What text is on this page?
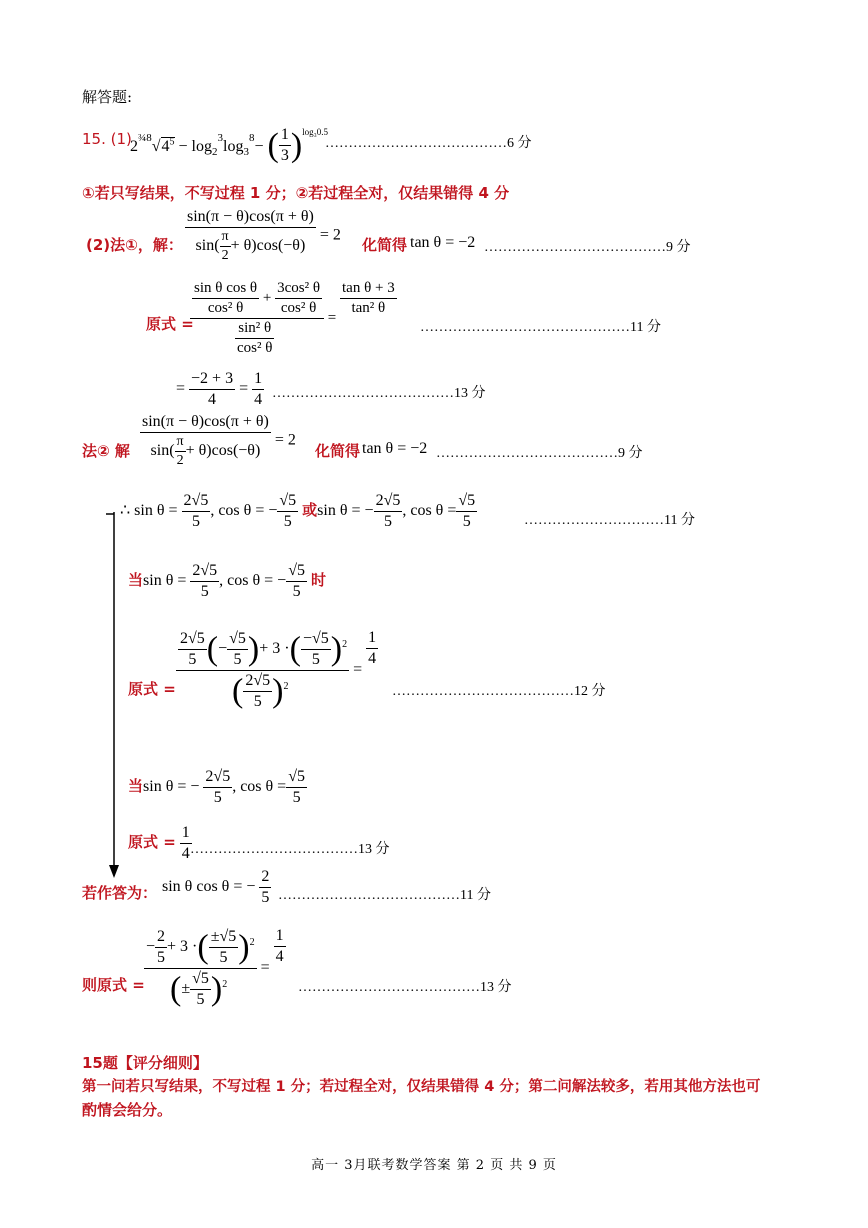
解答题:
15. (1)
$2\frac{3}{4}8√4^5 - \log_23\log_38-$ ( $\frac{1}{3} )^{log_30.5}$
…………………………………6 分
①若只写结果，不写过程 1 分；②若过程全对，仅结果错得 4 分
(2)法①，解： $\frac{\sin(\pi - \theta)\cos(\pi + \theta)}{\sin( \frac{\pi}{2} + \theta)\cos(-\theta)} = 2$
化简得 tan θ = −2 …………………………………9 分
原式 =
$\frac{\frac{\text{sin θ cos θ}}{\text{cos² θ}} + \frac{\text{3cos² θ}}{\text{cos² θ}}}{\frac{\text{sin² θ}}{\text{cos² θ}}}$ =
$\frac{\text{tan θ + 3}}{\text{tan² θ}}$
………………………………………11 分
= $\frac{-2 + 3}{4} = \frac{1}{4}$ …………………………………13 分
法② 解 $\frac{\sin(\pi - \theta)\cos(\pi + \theta)}{\sin( \frac{\pi}{2} + \theta)\cos(-\theta)} = 2$
化简得 tan θ = −2 …………………………………9 分
∴ $\sin \theta = \frac{2√5}{5}$ , cos θ = − $\frac{√5}{5}$ 或sin θ = − $\frac{2√5}{5}$ , $\cos \theta = \frac{√5}{5}$	…………………………11 分
当$\sin \theta = \frac{2√5}{5}$ , cos θ = − $\frac{√5}{5}$ 时
原式 = $\frac{\frac{2√5}{5} (- \frac{√5}{5} )+ 3 \cdot( \frac{-√5}{5} )^2}{( \frac{2√5}{5} )^2}$ =
$\frac{1}{4}$
…………………………………12 分
当sin θ = − $\frac{2√5}{5}$ , $\cos \theta = \frac{√5}{5}$
原式 = $\frac{1}{4}$
………………………………13 分
若作答为： sin θ cos θ = − $\frac{2}{5}$ …………………………………11 分
则原式 = $\frac{- \frac{2}{5} + 3 \cdot( \frac{\pm√5}{5} )^2}{(\pm \frac{√5}{5} )^2}$ =
$\frac{1}{4}$
…………………………………13 分
15题【评分细则】
第一问若只写结果，不写过程 1 分；若过程全对，仅结果错得 4 分；第二问解法较多，若用其他方法也可
酌情会给分。
高一 3月联考数学答案 第 2 页 共 9 页
